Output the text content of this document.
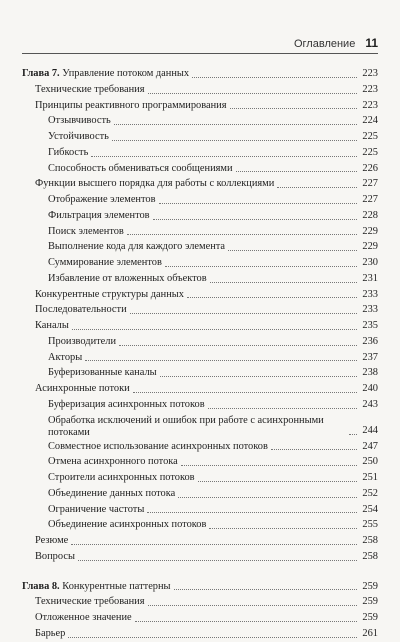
Оглавление 11
Глава 7. Управление потоком данных	223
Технические требования	223
Принципы реактивного программирования	223
Отзывчивость	224
Устойчивость	225
Гибкость	225
Способность обмениваться сообщениями	226
Функции высшего порядка для работы с коллекциями	227
Отображение элементов	227
Фильтрация элементов	228
Поиск элементов	229
Выполнение кода для каждого элемента	229
Суммирование элементов	230
Избавление от вложенных объектов	231
Конкурентные структуры данных	233
Последовательности	233
Каналы	235
Производители	236
Акторы	237
Буферизованные каналы	238
Асинхронные потоки	240
Буферизация асинхронных потоков	243
Обработка исключений и ошибок при работе с асинхронными потоками	244
Совместное использование асинхронных потоков	247
Отмена асинхронного потока	250
Строители асинхронных потоков	251
Объединение данных потока	252
Ограничение частоты	254
Объединение асинхронных потоков	255
Резюме	258
Вопросы	258
Глава 8. Конкурентные паттерны	259
Технические требования	259
Отложенное значение	259
Барьер	261
